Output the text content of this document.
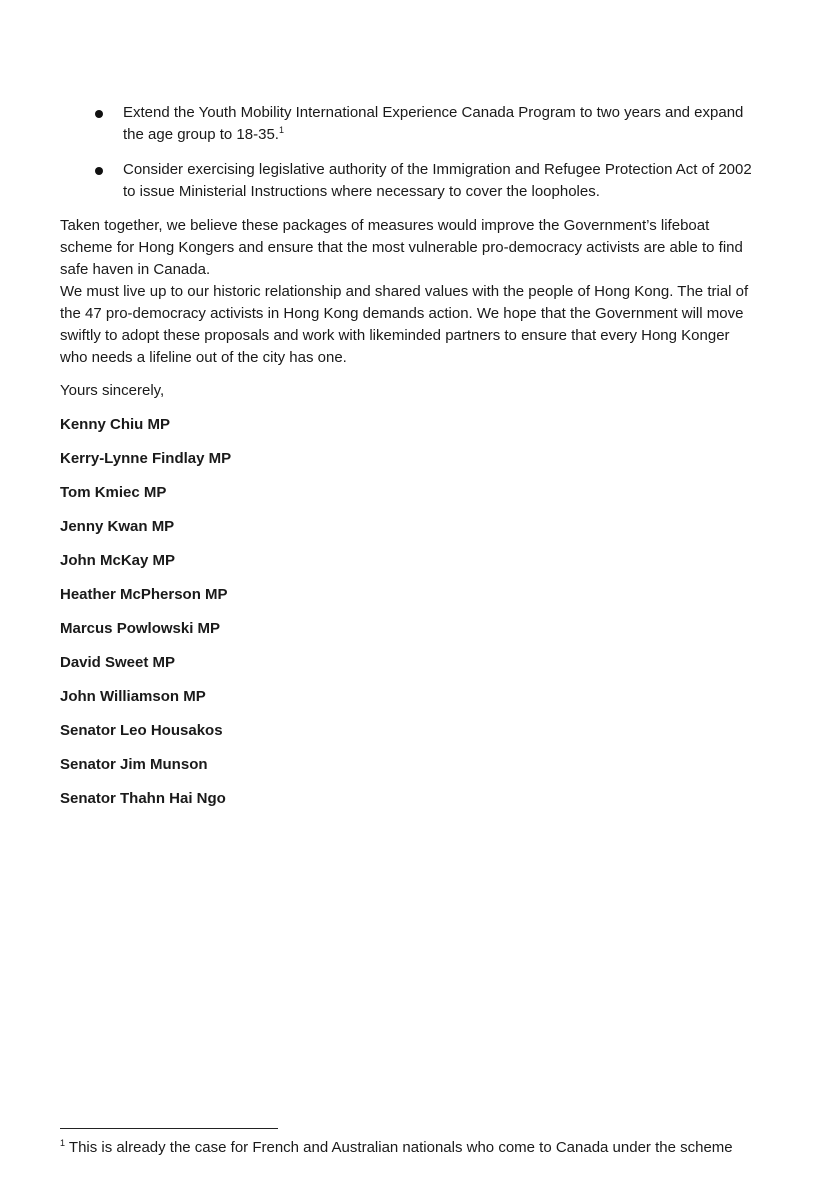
Extend the Youth Mobility International Experience Canada Program to two years and expand the age group to 18-35.$^1$
Consider exercising legislative authority of the Immigration and Refugee Protection Act of 2002 to issue Ministerial Instructions where necessary to cover the loopholes.

Taken together, we believe these packages of measures would improve the Government’s lifeboat scheme for Hong Kongers and ensure that the most vulnerable pro-democracy activists are able to find safe haven in Canada.

We must live up to our historic relationship and shared values with the people of Hong Kong. The trial of the 47 pro-democracy activists in Hong Kong demands action. We hope that the Government will move swiftly to adopt these proposals and work with likeminded partners to ensure that every Hong Konger who needs a lifeline out of the city has one.

Yours sincerely,
Kenny Chiu MP
Kerry-Lynne Findlay MP
Tom Kmiec MP
Jenny Kwan MP
John McKay MP
Heather McPherson MP
Marcus Powlowski MP
David Sweet MP
John Williamson MP
Senator Leo Housakos
Senator Jim Munson
Senator Thahn Hai Ngo
$^1$ This is already the case for French and Australian nationals who come to Canada under the scheme
